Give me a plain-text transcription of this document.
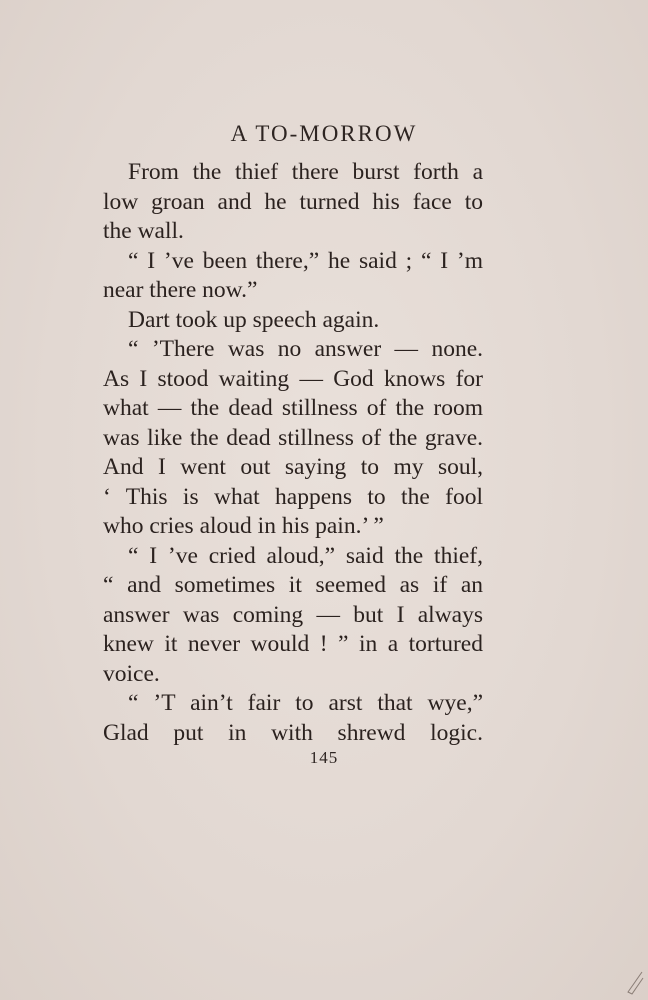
A TO-MORROW
From the thief there burst forth a
low groan and he turned his face to
the wall.
“ I ’ve been there,” he said ; “ I ’m
near there now.”
Dart took up speech again.
“ ’There was no answer — none.
As I stood waiting — God knows for
what — the dead stillness of the room
was like the dead stillness of the grave.
And I went out saying to my soul,
‘ This is what happens to the fool
who cries aloud in his pain.’ ”
“ I ’ve cried aloud,” said the thief,
“ and sometimes it seemed as if an
answer was coming — but I always
knew it never would ! ” in a tortured
voice.
“ ’T ain’t fair to arst that wye,”
Glad put in with shrewd logic.
145
